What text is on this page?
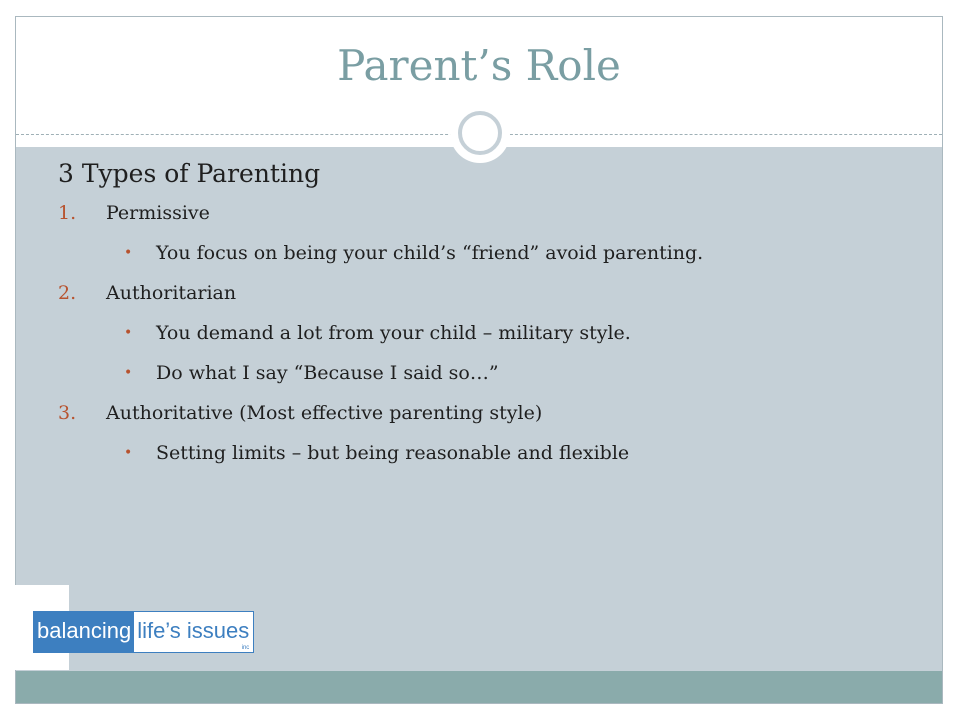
Parent’s Role
3 Types of Parenting
1. Permissive
• You focus on being your child’s “friend” avoid parenting.
2. Authoritarian
• You demand a lot from your child – military style.
• Do what I say “Because I said so…”
3. Authoritative (Most effective parenting style)
• Setting limits – but being reasonable and flexible
balancing life’s issues
inc
